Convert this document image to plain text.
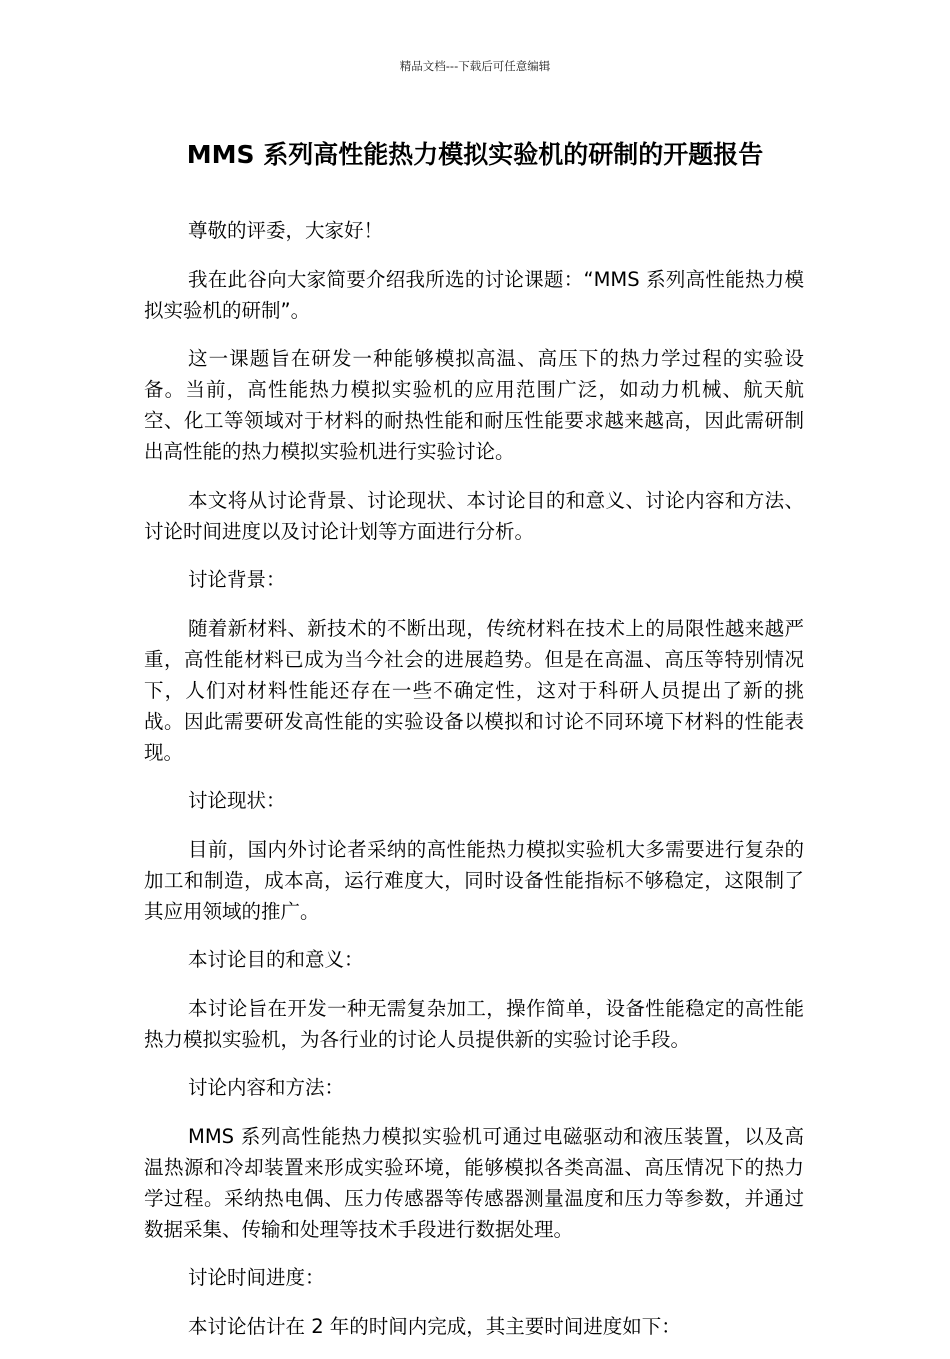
精品文档---下载后可任意编辑
MMS 系列高性能热力模拟实验机的研制的开题报告

尊敬的评委，大家好！

我在此谷向大家简要介绍我所选的讨论课题：“MMS 系列高性能热力模拟实验机的研制”。

这一课题旨在研发一种能够模拟高温、高压下的热力学过程的实验设备。当前，高性能热力模拟实验机的应用范围广泛，如动力机械、航天航空、化工等领域对于材料的耐热性能和耐压性能要求越来越高，因此需研制出高性能的热力模拟实验机进行实验讨论。

本文将从讨论背景、讨论现状、本讨论目的和意义、讨论内容和方法、讨论时间进度以及讨论计划等方面进行分析。

讨论背景：

随着新材料、新技术的不断出现，传统材料在技术上的局限性越来越严重，高性能材料已成为当今社会的进展趋势。但是在高温、高压等特别情况下，人们对材料性能还存在一些不确定性，这对于科研人员提出了新的挑战。因此需要研发高性能的实验设备以模拟和讨论不同环境下材料的性能表现。

讨论现状：

目前，国内外讨论者采纳的高性能热力模拟实验机大多需要进行复杂的加工和制造，成本高，运行难度大，同时设备性能指标不够稳定，这限制了其应用领域的推广。

本讨论目的和意义：

本讨论旨在开发一种无需复杂加工，操作简单，设备性能稳定的高性能热力模拟实验机，为各行业的讨论人员提供新的实验讨论手段。

讨论内容和方法：

MMS 系列高性能热力模拟实验机可通过电磁驱动和液压装置，以及高温热源和冷却装置来形成实验环境，能够模拟各类高温、高压情况下的热力学过程。采纳热电偶、压力传感器等传感器测量温度和压力等参数，并通过数据采集、传输和处理等技术手段进行数据处理。

讨论时间进度：

本讨论估计在 2 年的时间内完成，其主要时间进度如下：
